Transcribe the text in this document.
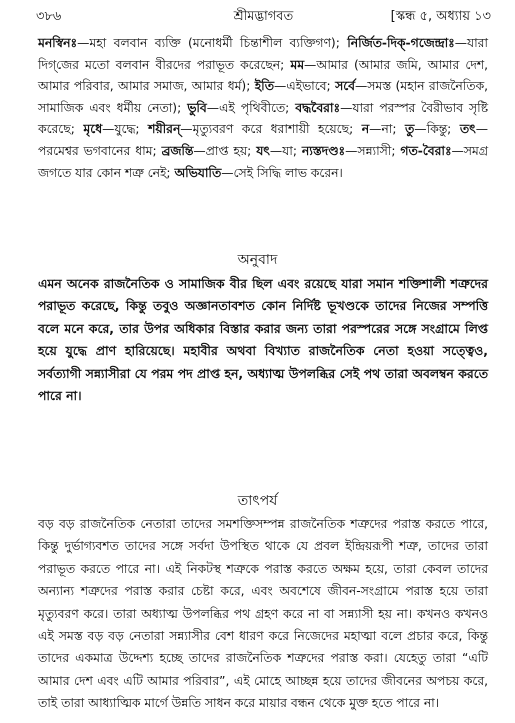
৩৮৬	শ্রীমদ্ভাগবত	[স্কন্ধ ৫, অধ্যায় ১৩

মনস্বিনঃ—মহা বলবান ব্যক্তি (মনোধর্মী চিন্তাশীল ব্যক্তিগণ); নির্জিত-দিক্-গজেন্দ্রাঃ—যারা দিগ্‌জের মতো বলবান বীরদের পরাভূত করেছেন; মম—আমার (আমার জমি, আমার দেশ, আমার পরিবার, আমার সমাজ, আমার ধর্ম); ইতি—এইভাবে; সর্বে—সমস্ত (মহান রাজনৈতিক, সামাজিক এবং ধর্মীয় নেতা); ভুবি—এই পৃথিবীতে; বদ্ধবৈরাঃ—যারা পরস্পর বৈরীভাব সৃষ্টি করেছে; মৃধে—যুদ্ধে; শয়ীরন্—মৃত্যুবরণ করে ধরাশায়ী হয়েছে; ন—না; তু—কিন্তু; তৎ—পরমেশ্বর ভগবানের ধাম; ব্রজন্তি—প্রাপ্ত হয়; যৎ—যা; ন্যস্তদণ্ডঃ—সন্ন্যাসী; গত-বৈরাঃ—সমগ্র জগতে যার কোন শত্রু নেই; অভিযাতি—সেই সিদ্ধি লাভ করেন।

অনুবাদ

এমন অনেক রাজনৈতিক ও সামাজিক বীর ছিল এবং রয়েছে যারা সমান শক্তিশালী শত্রুদের পরাভূত করেছে, কিন্তু তবুও অজ্ঞানতাবশত কোন নির্দিষ্ট ভূখণ্ডকে তাদের নিজের সম্পত্তি বলে মনে করে, তার উপর অধিকার বিস্তার করার জন্য তারা পরস্পরের সঙ্গে সংগ্রামে লিপ্ত হয়ে যুদ্ধে প্রাণ হারিয়েছে। মহাবীর অথবা বিখ্যাত রাজনৈতিক নেতা হওয়া সত্ত্বেও, সর্বত্যাগী সন্ন্যাসীরা যে পরম পদ প্রাপ্ত হন, অধ্যাত্ম উপলব্ধির সেই পথ তারা অবলম্বন করতে পারে না।

তাৎপর্য

বড় বড় রাজনৈতিক নেতারা তাদের সমশক্তিসম্পন্ন রাজনৈতিক শত্রুদের পরাস্ত করতে পারে, কিন্তু দুর্ভাগ্যবশত তাদের সঙ্গে সর্বদা উপস্থিত থাকে যে প্রবল ইন্দ্রিয়রূপী শত্রু, তাদের তারা পরাভূত করতে পারে না। এই নিকটস্থ শত্রুকে পরাস্ত করতে অক্ষম হয়ে, তারা কেবল তাদের অন্যান্য শত্রুদের পরাস্ত করার চেষ্টা করে, এবং অবশেষে জীবন-সংগ্রামে পরাস্ত হয়ে তারা মৃত্যুবরণ করে। তারা অধ্যাত্ম উপলব্ধির পথ গ্রহণ করে না বা সন্ন্যাসী হয় না। কখনও কখনও এই সমস্ত বড় বড় নেতারা সন্ন্যাসীর বেশ ধারণ করে নিজেদের মহাত্মা বলে প্রচার করে, কিন্তু তাদের একমাত্র উদ্দেশ্য হচ্ছে তাদের রাজনৈতিক শত্রুদের পরাস্ত করা। যেহেতু তারা “এটি আমার দেশ এবং এটি আমার পরিবার”, এই মোহে আচ্ছন্ন হয়ে তাদের জীবনের অপচয় করে, তাই তারা আধ্যাত্মিক মার্গে উন্নতি সাধন করে মায়ার বন্ধন থেকে মুক্ত হতে পারে না।
